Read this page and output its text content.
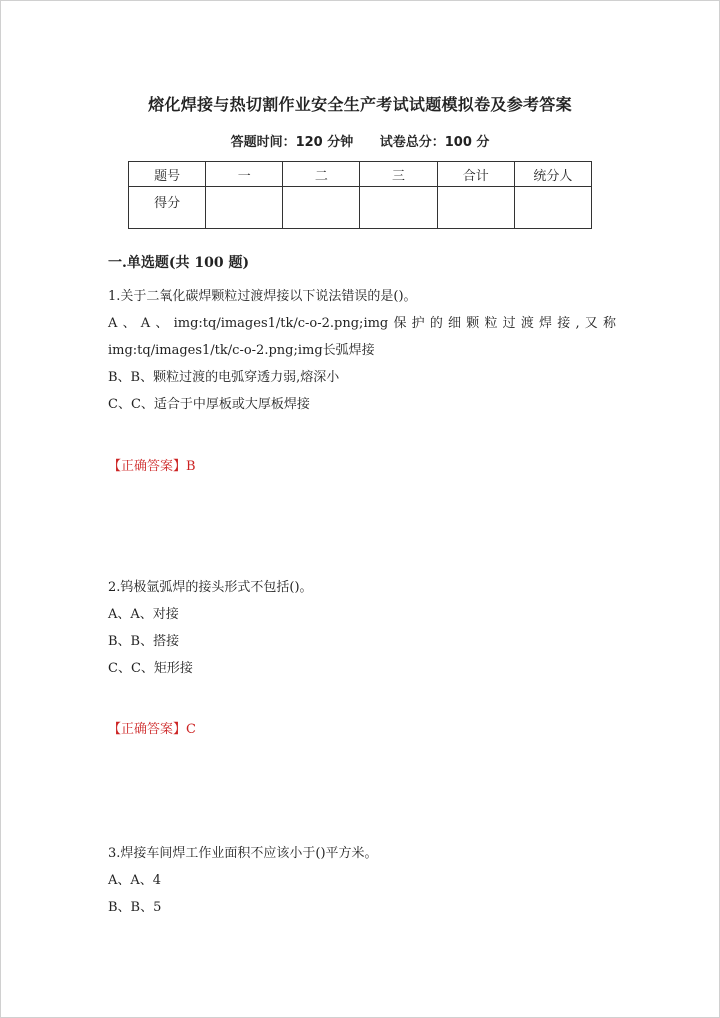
熔化焊接与热切割作业安全生产考试试题模拟卷及参考答案
答题时间：120 分钟 试卷总分：100 分
题号	一	二	三	合计	统分人
得分					
一.单选题(共 100 题)
1.关于二氧化碳焊颗粒过渡焊接以下说法错误的是()。
A、A、img:tq/images1/tk/c-o-2.png;img保护的细颗粒过渡焊接,又称
img:tq/images1/tk/c-o-2.png;img长弧焊接
B、B、颗粒过渡的电弧穿透力弱,熔深小
C、C、适合于中厚板或大厚板焊接
【正确答案】B
2.钨极氩弧焊的接头形式不包括()。
A、A、对接
B、B、搭接
C、C、矩形接
【正确答案】C
3.焊接车间焊工作业面积不应该小于()平方米。
A、A、4
B、B、5
